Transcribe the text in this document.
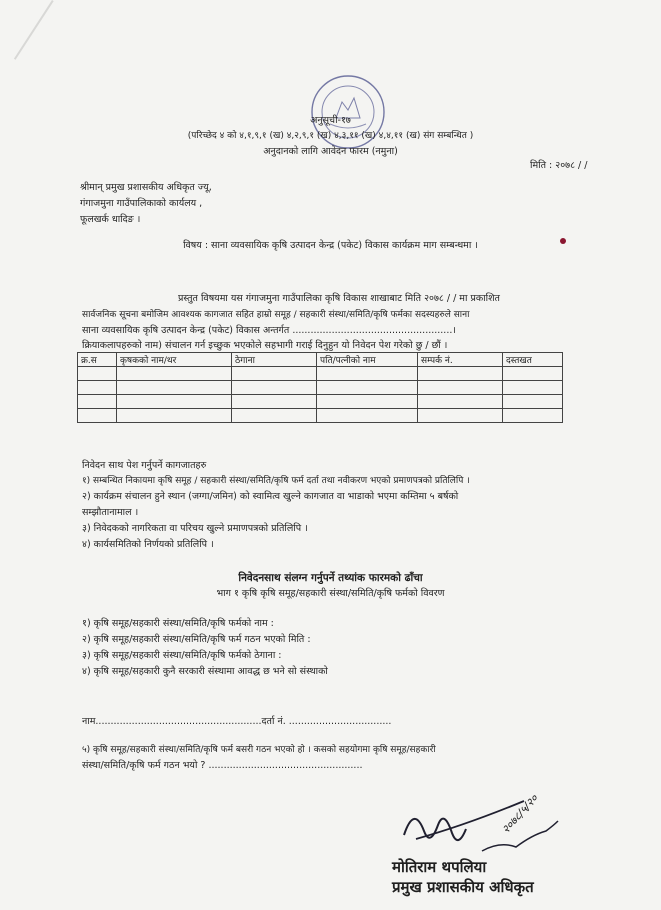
अनुसूची-१७
(परिच्छेद ४ को ४,१,९,१ (ख) ४,२,९,१ (ख) ४,३,११ (ख) ४,४,११ (ख) संग सम्बन्धित )
अनुदानको लागि आवेदन फारम (नमुना)
मिति : २०७८ / /
श्रीमान् प्रमुख प्रशासकीय अधिकृत ज्यू,
गंगाजमुना गाउँपालिकाको कार्यलय ,
फूलखर्क धादिङ ।
विषय : साना व्यवसायिक कृषि उत्पादन केन्द्र (पकेट) विकास कार्यक्रम माग सम्बन्धमा ।
प्रस्तुत विषयमा यस गंगाजमुना गाउँपालिका कृषि विकास शाखाबाट मिति २०७८ / / मा प्रकाशित
सार्वजनिक सूचना बमोजिम आवश्यक कागजात सहित हाम्रो समूह / सहकारी संस्था/समिति/कृषि फर्मका सदस्यहरुले साना
साना व्यवसायिक कृषि उत्पादन केन्द्र (पकेट) विकास अन्तर्गत .....................................................।
क्रियाकलापहरुको नाम) संचालन गर्न इच्छुक भएकोले सहभागी गराई दिनुहुन यो निवेदन पेश गरेको छु / छौं ।
क्र.स	कृषकको नाम/थर	ठेगाना	पति/पत्नीको नाम	सम्पर्क नं.	दस्तखत

निवेदन साथ पेश गर्नुपर्ने कागजातहरु
१) सम्बन्धित निकायमा कृषि समूह / सहकारी संस्था/समिति/कृषि फर्म दर्ता तथा नवीकरण भएको प्रमाणपत्रको प्रतिलिपि ।
२) कार्यक्रम संचालन हुने स्थान (जग्गा/जमिन) को स्वामित्व खुल्ने कागजात वा भाडाको भएमा कम्तिमा ५ बर्षको
सम्झौतानामाल ।
३) निवेदकको नागरिकता वा परिचय खुल्ने प्रमाणपत्रको प्रतिलिपि ।
४) कार्यसमितिको निर्णयको प्रतिलिपि ।
निवेदनसाथ संलग्न गर्नुपर्ने तथ्यांक फारमको ढाँचा
भाग १ कृषि कृषि समूह/सहकारी संस्था/समिति/कृषि फर्मको विवरण
१) कृषि समूह/सहकारी संस्था/समिति/कृषि फर्मको नाम :
२) कृषि समूह/सहकारी संस्था/समिति/कृषि फर्म गठन भएको मिति :
३) कृषि समूह/सहकारी संस्था/समिति/कृषि फर्मको ठेगाना :
४) कृषि समूह/सहकारी कुनै सरकारी संस्थामा आवद्ध छ भने सो संस्थाको
नाम.......................................................दर्ता नं. ..................................
५) कृषि समूह/सहकारी संस्था/समिति/कृषि फर्म बसरी गठन भएको हो । कसको सहयोगमा कृषि समूह/सहकारी
संस्था/समिति/कृषि फर्म गठन भयो ? ...................................................
२०७८/५/२०
मोतिराम थपलिया
प्रमुख प्रशासकीय अधिकृत
